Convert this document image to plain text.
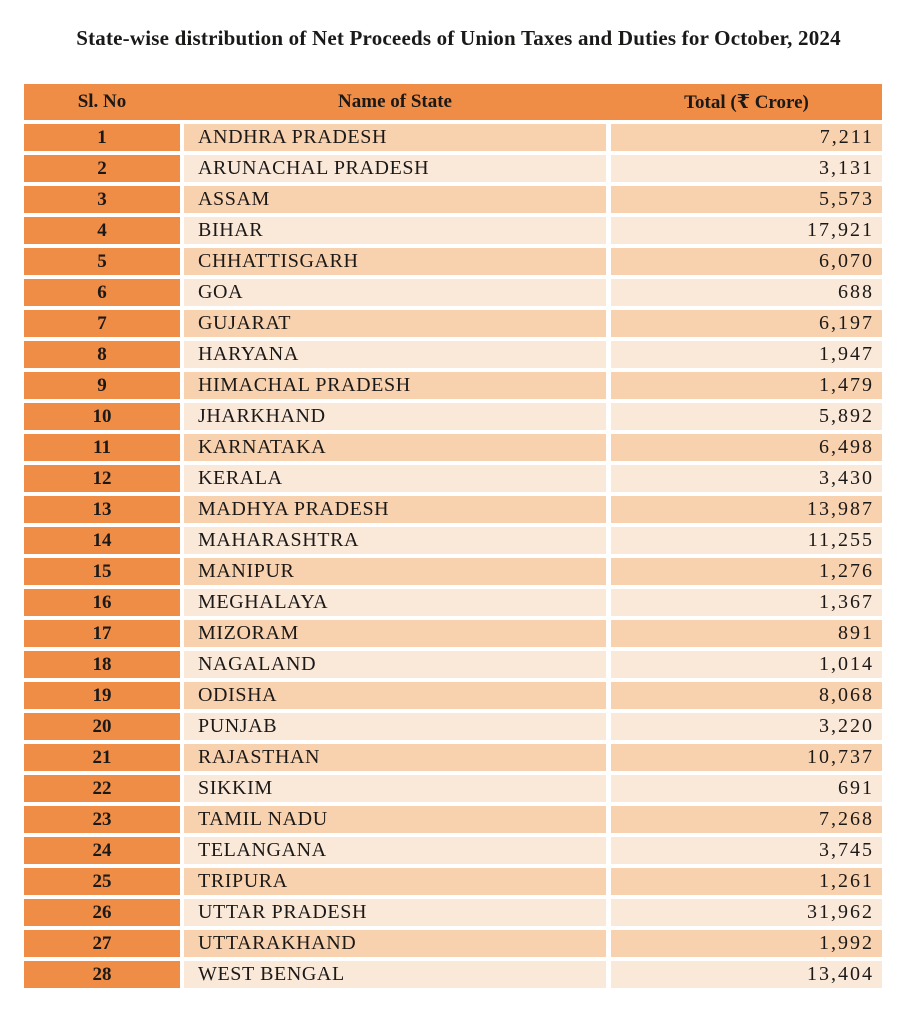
State-wise distribution of Net Proceeds of Union Taxes and Duties for October, 2024
Sl. No	Name of State	Total (₹ Crore)
1	ANDHRA PRADESH	7,211
2	ARUNACHAL PRADESH	3,131
3	ASSAM	5,573
4	BIHAR	17,921
5	CHHATTISGARH	6,070
6	GOA	688
7	GUJARAT	6,197
8	HARYANA	1,947
9	HIMACHAL PRADESH	1,479
10	JHARKHAND	5,892
11	KARNATAKA	6,498
12	KERALA	3,430
13	MADHYA PRADESH	13,987
14	MAHARASHTRA	11,255
15	MANIPUR	1,276
16	MEGHALAYA	1,367
17	MIZORAM	891
18	NAGALAND	1,014
19	ODISHA	8,068
20	PUNJAB	3,220
21	RAJASTHAN	10,737
22	SIKKIM	691
23	TAMIL NADU	7,268
24	TELANGANA	3,745
25	TRIPURA	1,261
26	UTTAR PRADESH	31,962
27	UTTARAKHAND	1,992
28	WEST BENGAL	13,404
